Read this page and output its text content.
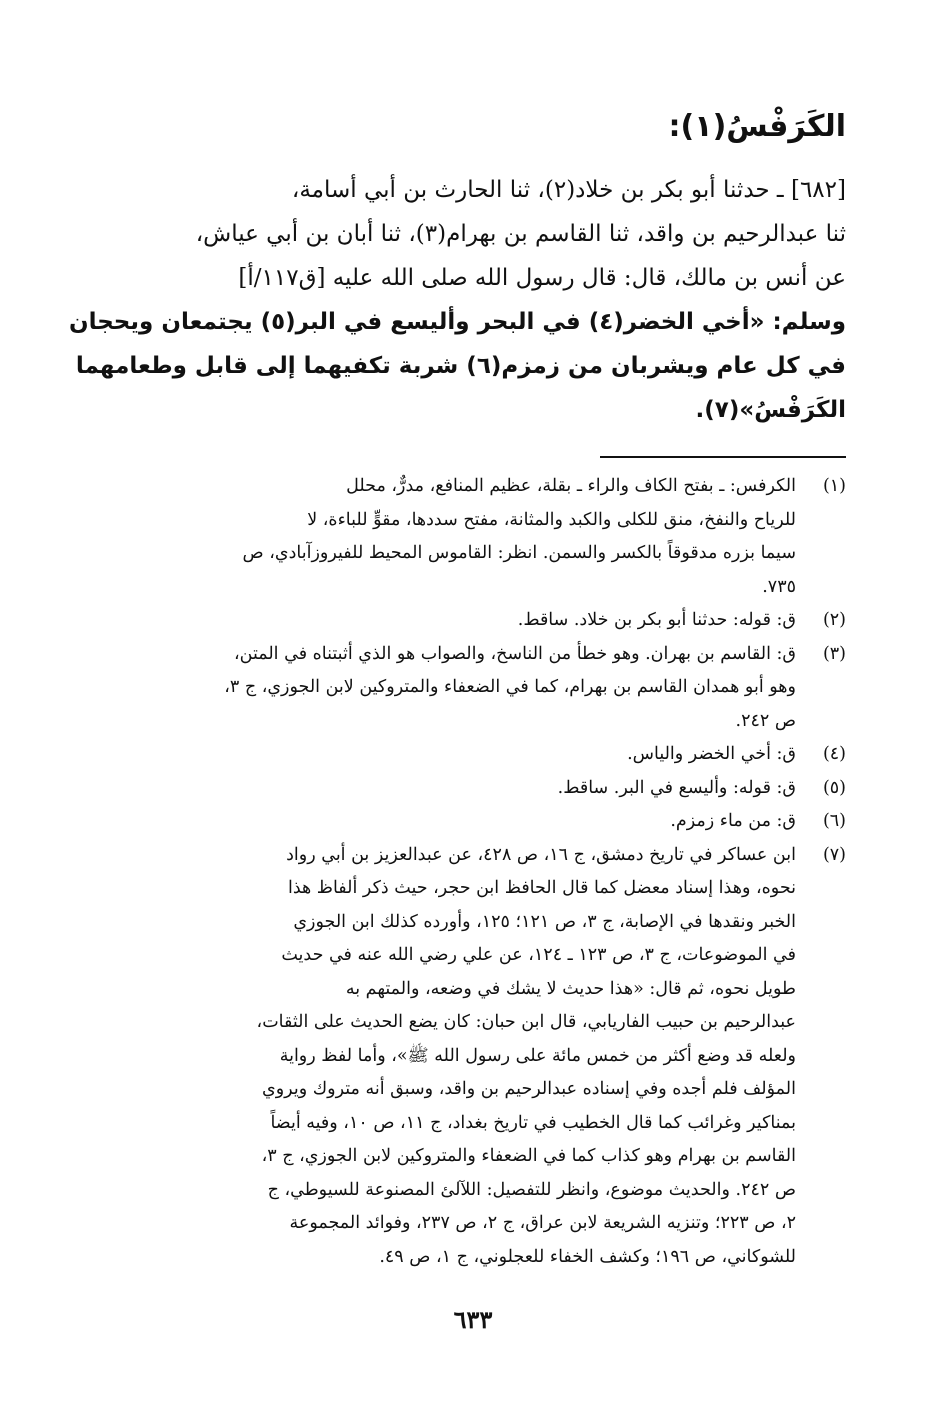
الكَرَفْسُ(١):
[٦٨٢] ـ حدثنا أبو بكر بن خلاد(٢)، ثنا الحارث بن أبي أسامة،
ثنا عبدالرحيم بن واقد، ثنا القاسم بن بهرام(٣)، ثنا أبان بن أبي عياش،
عن أنس بن مالك، قال: قال رسول الله صلى الله عليه [ق١١٧/أ]
وسلم: «أخي الخضر(٤) في البحر وأليسع في البر(٥) يجتمعان ويحجان
في كل عام ويشربان من زمزم(٦) شربة تكفيهما إلى قابل وطعامهما
الكَرَفْسُ»(٧).
(١)
الكرفس: ـ بفتح الكاف والراء ـ بقلة، عظيم المنافع، مدرٌّ، محلل
للرياح والنفخ، منق للكلى والكبد والمثانة، مفتح سددها، مقوٍّ للباءة، لا
سيما بزره مدقوقاً بالكسر والسمن. انظر: القاموس المحيط للفيروزآبادي، ص
٧٣٥.
(٢)
ق: قوله: حدثنا أبو بكر بن خلاد. ساقط.
(٣)
ق: القاسم بن بهران. وهو خطأ من الناسخ، والصواب هو الذي أثبتناه في المتن،
وهو أبو همدان القاسم بن بهرام، كما في الضعفاء والمتروكين لابن الجوزي، ج ٣،
ص ٢٤٢.
(٤)
ق: أخي الخضر والياس.
(٥)
ق: قوله: وأليسع في البر. ساقط.
(٦)
ق: من ماء زمزم.
(٧)
ابن عساكر في تاريخ دمشق، ج ١٦، ص ٤٢٨، عن عبدالعزيز بن أبي رواد
نحوه، وهذا إسناد معضل كما قال الحافظ ابن حجر، حيث ذكر ألفاظ هذا
الخبر ونقدها في الإصابة، ج ٣، ص ١٢١؛ ١٢٥، وأورده كذلك ابن الجوزي
في الموضوعات، ج ٣، ص ١٢٣ ـ ١٢٤، عن علي رضي الله عنه في حديث
طويل نحوه، ثم قال: «هذا حديث لا يشك في وضعه، والمتهم به
عبدالرحيم بن حبيب الفاريابي، قال ابن حبان: كان يضع الحديث على الثقات،
ولعله قد وضع أكثر من خمس مائة على رسول الله ﷺ»، وأما لفظ رواية
المؤلف فلم أجده وفي إسناده عبدالرحيم بن واقد، وسبق أنه متروك ويروي
بمناكير وغرائب كما قال الخطيب في تاريخ بغداد، ج ١١، ص ١٠، وفيه أيضاً
القاسم بن بهرام وهو كذاب كما في الضعفاء والمتروكين لابن الجوزي، ج ٣،
ص ٢٤٢. والحديث موضوع، وانظر للتفصيل: اللآلئ المصنوعة للسيوطي، ج
٢، ص ٢٢٣؛ وتنزيه الشريعة لابن عراق، ج ٢، ص ٢٣٧، وفوائد المجموعة
للشوكاني، ص ١٩٦؛ وكشف الخفاء للعجلوني، ج ١، ص ٤٩.
٦٣٣
